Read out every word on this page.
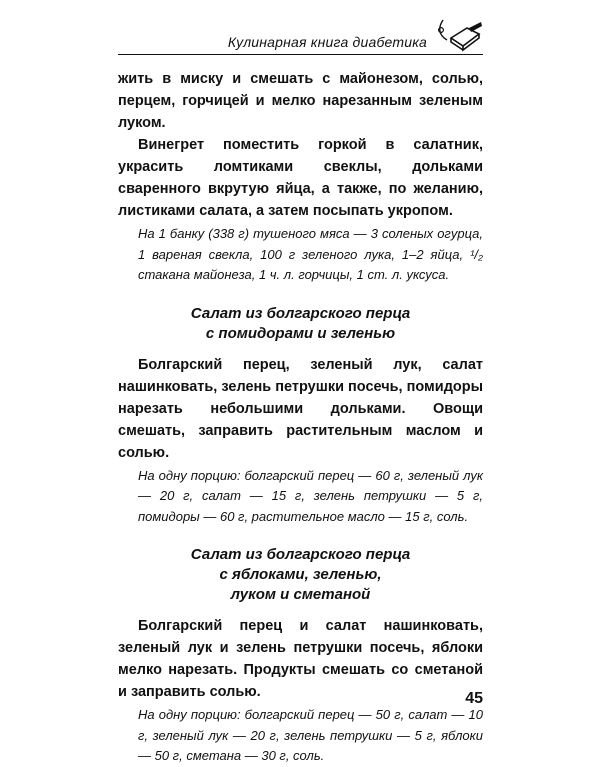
Кулинарная книга диабетика

жить в миску и смешать с майонезом, солью, перцем, горчицей и мелко нарезанным зеленым луком.

Винегрет поместить горкой в салатник, украсить ломтиками свеклы, дольками сваренного вкрутую яйца, а также, по желанию, листиками салата, а затем посыпать укропом.

На 1 банку (338 г) тушеного мяса — 3 соленых огурца, 1 вареная свекла, 100 г зеленого лука, 1–2 яйца, ¹/₂ стакана майонеза, 1 ч. л. горчицы, 1 ст. л. уксуса.

Салат из болгарского перца
с помидорами и зеленью

Болгарский перец, зеленый лук, салат нашинковать, зелень петрушки посечь, помидоры нарезать небольшими дольками. Овощи смешать, заправить растительным маслом и солью.

На одну порцию: болгарский перец — 60 г, зеленый лук — 20 г, салат — 15 г, зелень петрушки — 5 г, помидоры — 60 г, растительное масло — 15 г, соль.

Салат из болгарского перца
с яблоками, зеленью,
луком и сметаной

Болгарский перец и салат нашинковать, зеленый лук и зелень петрушки посечь, яблоки мелко нарезать. Продукты смешать со сметаной и заправить солью.

На одну порцию: болгарский перец — 50 г, салат — 10 г, зеленый лук — 20 г, зелень петрушки — 5 г, яблоки — 50 г, сметана — 30 г, соль.

45
